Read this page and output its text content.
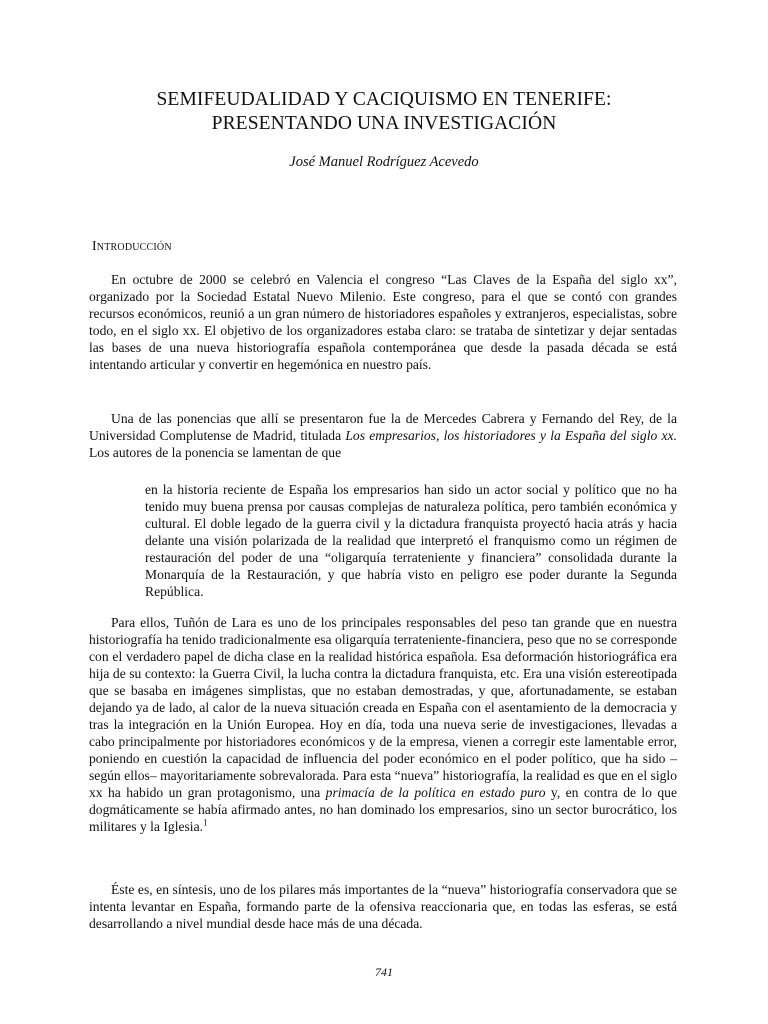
SEMIFEUDALIDAD Y CACIQUISMO EN TENERIFE:
PRESENTANDO UNA INVESTIGACIÓN
José Manuel Rodríguez Acevedo
Introducción

En octubre de 2000 se celebró en Valencia el congreso “Las Claves de la España del siglo xx”, organizado por la Sociedad Estatal Nuevo Milenio. Este congreso, para el que se contó con grandes recursos económicos, reunió a un gran número de historiadores españoles y extranjeros, especialistas, sobre todo, en el siglo xx. El objetivo de los organizadores estaba claro: se trataba de sintetizar y dejar sentadas las bases de una nueva historiografía española contemporánea que desde la pasada década se está intentando articular y convertir en hegemónica en nuestro país.

Una de las ponencias que allí se presentaron fue la de Mercedes Cabrera y Fernando del Rey, de la Universidad Complutense de Madrid, titulada Los empresarios, los historiadores y la España del siglo xx. Los autores de la ponencia se lamentan de que

en la historia reciente de España los empresarios han sido un actor social y político que no ha tenido muy buena prensa por causas complejas de naturaleza política, pero también económica y cultural. El doble legado de la guerra civil y la dictadura franquista proyectó hacia atrás y hacia delante una visión polarizada de la realidad que interpretó el franquismo como un régimen de restauración del poder de una “oligarquía terrateniente y financiera” consolidada durante la Monarquía de la Restauración, y que habría visto en peligro ese poder durante la Segunda República.

Para ellos, Tuñón de Lara es uno de los principales responsables del peso tan grande que en nuestra historiografía ha tenido tradicionalmente esa oligarquía terrateniente-financiera, peso que no se corresponde con el verdadero papel de dicha clase en la realidad histórica española. Esa deformación historiográfica era hija de su contexto: la Guerra Civil, la lucha contra la dictadura franquista, etc. Era una visión estereotipada que se basaba en imágenes simplistas, que no estaban demostradas, y que, afortunadamente, se estaban dejando ya de lado, al calor de la nueva situación creada en España con el asentamiento de la democracia y tras la integración en la Unión Europea. Hoy en día, toda una nueva serie de investigaciones, llevadas a cabo principalmente por historiadores económicos y de la empresa, vienen a corregir este lamentable error, poniendo en cuestión la capacidad de influencia del poder económico en el poder político, que ha sido –según ellos– mayoritariamente sobrevalorada. Para esta “nueva” historiografía, la realidad es que en el siglo xx ha habido un gran protagonismo, una primacía de la política en estado puro y, en contra de lo que dogmáticamente se había afirmado antes, no han dominado los empresarios, sino un sector burocrático, los militares y la Iglesia.$^1$

Éste es, en síntesis, uno de los pilares más importantes de la “nueva” historiografía conservadora que se intenta levantar en España, formando parte de la ofensiva reaccionaria que, en todas las esferas, se está desarrollando a nivel mundial desde hace más de una década.

741
